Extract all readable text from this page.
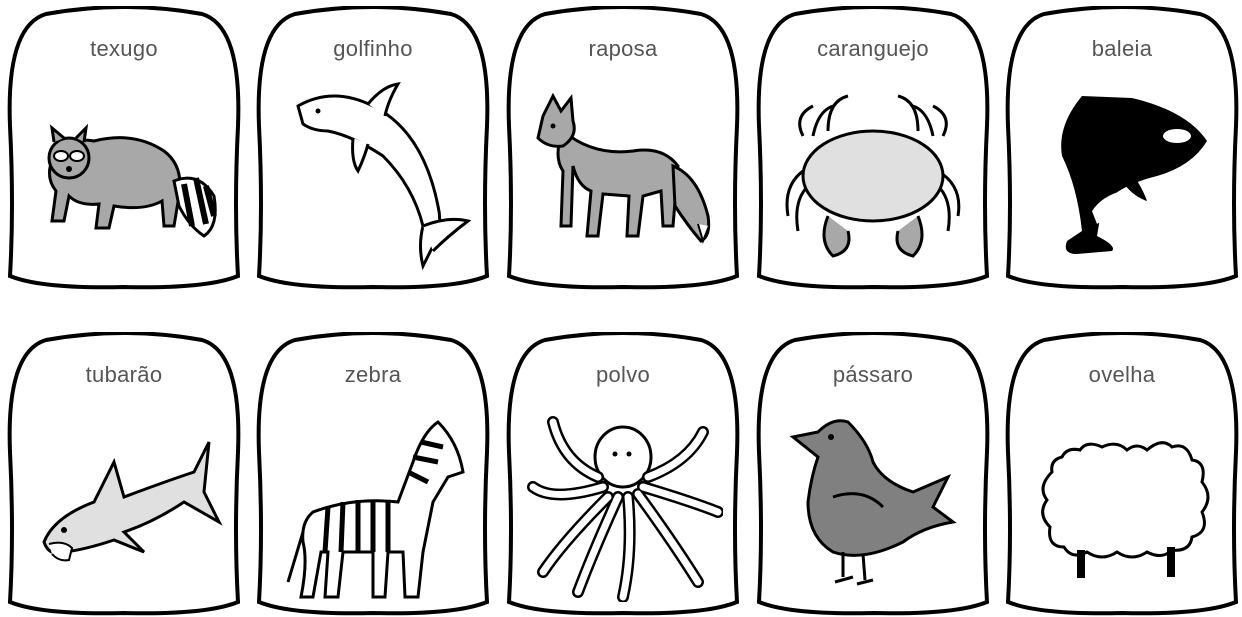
texugo	golfinho	raposa	caranguejo	baleia
tubarão	zebra	polvo	pássaro	ovelha
